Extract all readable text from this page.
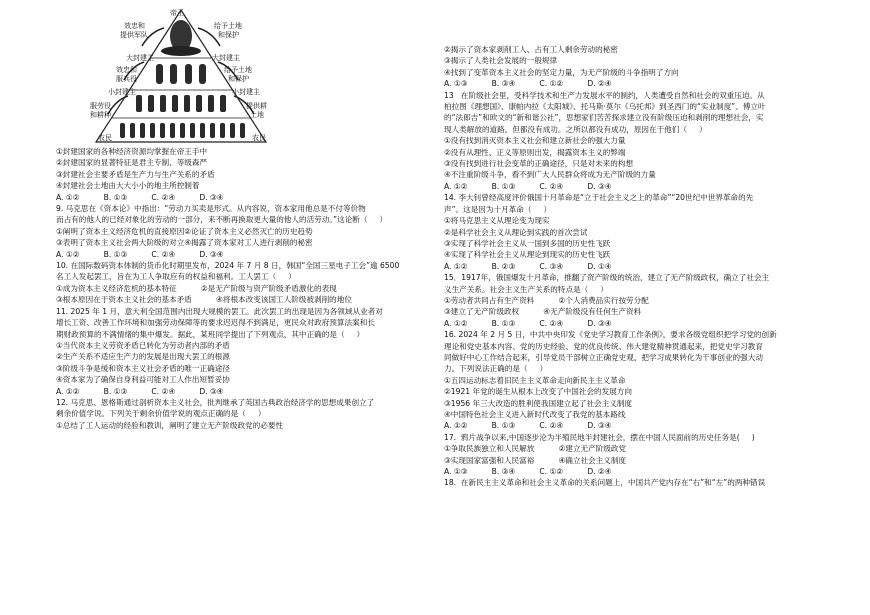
帝王
效忠和
提供军队
给予土地
和保护
大封建主	大封建主
效忠和
服兵役
给予土地
和保护
小封建主	小封建主
服劳役
和耕种
提供耕
土地
农民	农民
①封建国家的各种经济资源均掌握在帝王手中
②封建国家的显著特征是君主专制、等级森严
③封建社会主要矛盾是生产力与生产关系的矛盾
④封建社会土地由大大小小的地主所控制着
A. ①②          B. ①③          C. ②④          D. ③④
9. 马克思在《资本论》中指出：“劳动力买卖是形式。从内容说，资本家用他总是不付等价物
而占有的他人的已经对象化的劳动的一部分，来不断再换取更大量的他人的活劳动。”这论断（     ）
①阐明了资本主义经济危机的直接原因②论证了资本主义必然灭亡的历史趋势
③表明了资本主义社会两大阶级的对立④揭露了资本家对工人进行剥削的秘密
A. ①②          B. ①③          C. ②④          D. ③④
10. 在国际数码资本体制的货币化时期里发布，2024 年 7 月 8 日，韩国“全国三星电子工会”逾 6500
名工人发起罢工，旨在为工人争取应有的权益和福利。工人罢工（     ）
①成为资本主义经济危机的基本特征          ②是无产阶级与资产阶级矛盾激化的表现
③根本原因在于资本主义社会的基本矛盾          ④将根本改变该国工人阶级被剥削的地位
11. 2025 年 1 月，意大利全国范围内出现大规模的罢工。此次罢工的出现是因为各领域从业者对
增长工资、改善工作环境和加强劳动保障等的要求迟迟得不到满足，更民众对政府预算法案和长
期财政预算的不满情绪的集中爆发。据此，某班同学提出了下列观点，其中正确的是（     ）
①当代资本主义劳资矛盾已转化为劳动者内部的矛盾
②生产关系不适应生产力的发展是出现大罢工的根源
③阶级斗争是缓和资本主义社会矛盾的唯一正确途径
④资本家为了确保自身利益可能对工人作出短暂妥协
A. ①②          B. ①③          C. ②④          D. ③④
12. 马克思、恩格斯通过剖析资本主义社会，批判继承了英国古典政治经济学的思想成果创立了
剩余价值学说。下列关于剩余价值学说的观点正确的是（     ）
①总结了工人运动的经验和教训，阐明了建立无产阶级政党的必要性
②揭示了资本家剥削工人、占有工人剩余劳动的秘密
③揭示了人类社会发展的一般规律
④找到了变革资本主义社会的坚定力量，为无产阶级的斗争指明了方向
A. ①③          B. ③④          C. ①②          D. ②④
13   在阶级社会里，受科学技术和生产力发展水平的制约，人类遭受自然和社会的双重压迫。从
柏拉图《理想国》、康帕内拉《太阳城》、托马斯·莫尔《乌托邦》到圣西门的“实业制度”、傅立叶
的“法郎吉”和欧文的“新和谐公社”，思想家们苦苦探求建立没有阶级压迫和剥削的理想社会，实
现人类解放的道路，但都没有成功。之所以都没有成功，原因在于他们（     ）
①没有找到消灭资本主义社会和建立新社会的强大力量
②没有从理性、正义等原则出发，揭露资本主义的弊端
③没有找到进行社会变革的正确途径，只是对未来的构想
④不注重阶级斗争，看不到广大人民群众将成为无产阶级的力量
A. ①②          B. ①③          C. ②④          D. ③④
14. 李大钊曾经高度评价俄国十月革命是“立于社会主义之上的革命”“20世纪中世界革命的先
声”。这是因为十月革命（     ）
①将马克思主义从理论变为现实
②是科学社会主义从理论到实践的首次尝试
③实现了科学社会主义从一国到多国的历史性飞跃
④实现了科学社会主义从理论到现实的历史性飞跃
A. ①②          B. ②③          C. ③④          D. ①④
15．1917年，俄国爆发十月革命，推翻了资产阶级的统治，建立了无产阶级政权，确立了社会主
义生产关系。社会主义生产关系的特点是（     ）
①劳动者共同占有生产资料          ②个人消费品实行按劳分配
③建立了无产阶级政权          ④无产阶级没有任何生产资料
A. ①②          B. ①③          C. ②④          D. ③④
16. 2024 年 2 月 5 日，中共中央印发《党史学习教育工作条例》，要求各级党组织把学习党的创新
理论和党史基本内容、党的历史经验、党的优良传统、伟大建党精神贯通起来，把党史学习教育
同做好中心工作结合起来，引导党员干部树立正确党史观，把学习成果转化为干事创业的强大动
力。下列说法正确的是（     ）
①五四运动标志着旧民主主义革命走向新民主主义革命
②1921 年党的诞生从根本上改变了中国社会的发展方向
③1956 年三大改造的胜利使我国建立起了社会主义制度
④中国特色社会主义进入新时代改变了我党的基本路线
A. ①②          B. ①③          C. ②④          D. ③④
17.  鸦片战争以来,中国逐步沦为半殖民地半封建社会，摆在中国人民面前的历史任务是(     )
①争取民族独立和人民解放          ②建立无产阶级政党
③实现国家富强和人民富裕          ④确立社会主义制度
A. ①③          B. ③④          C. ①②          D. ②④
18.  在新民主主义革命和社会主义革命的关系问题上，中国共产党内存在“右”和“左”的两种错误
